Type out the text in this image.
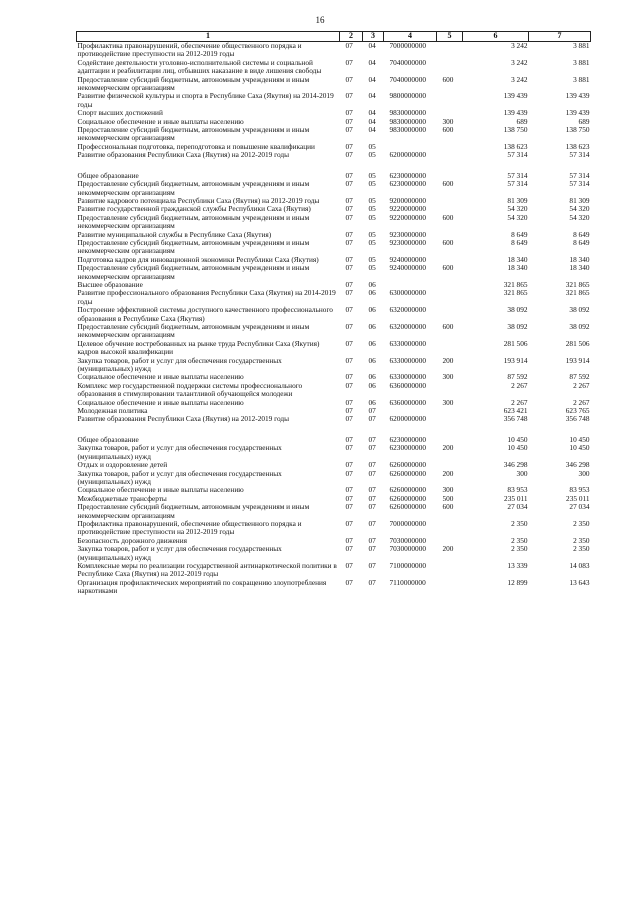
16
1	2	3	4	5	6	7
Профилактика правонарушений, обеспечение общественного порядка и противодействие преступности на 2012-2019 годы	07	04	7000000000		3 242	3 881
Содействие деятельности уголовно-исполнительной системы и социальной адаптации и реабилитации лиц, отбывших наказание в виде лишения свободы	07	04	7040000000		3 242	3 881
Предоставление субсидий бюджетным, автономным учреждениям и иным некоммерческим организациям	07	04	7040000000	600	3 242	3 881
Развитие физической культуры и спорта в Республике Саха (Якутия) на 2014-2019 годы	07	04	9800000000		139 439	139 439
Спорт высших достижений	07	04	9830000000		139 439	139 439
Социальное обеспечение и иные выплаты населению	07	04	9830000000	300	689	689
Предоставление субсидий бюджетным, автономным учреждениям и иным некоммерческим организациям	07	04	9830000000	600	138 750	138 750
Профессиональная подготовка, переподготовка и повышение квалификации	07	05			138 623	138 623
Развитие образования Республики Саха (Якутия) на 2012-2019 годы	07	05	6200000000		57 314	57 314

Общее образование	07	05	6230000000		57 314	57 314
Предоставление субсидий бюджетным, автономным учреждениям и иным некоммерческим организациям	07	05	6230000000	600	57 314	57 314
Развитие кадрового потенциала Республики Саха (Якутия) на 2012-2019 годы	07	05	9200000000		81 309	81 309
Развитие государственной гражданской службы Республики Саха (Якутия)	07	05	9220000000		54 320	54 320
Предоставление субсидий бюджетным, автономным учреждениям и иным некоммерческим организациям	07	05	9220000000	600	54 320	54 320
Развитие муниципальной службы в Республике Саха (Якутия)	07	05	9230000000		8 649	8 649
Предоставление субсидий бюджетным, автономным учреждениям и иным некоммерческим организациям	07	05	9230000000	600	8 649	8 649
Подготовка кадров для инновационной экономики Республики Саха (Якутия)	07	05	9240000000		18 340	18 340
Предоставление субсидий бюджетным, автономным учреждениям и иным некоммерческим организациям	07	05	9240000000	600	18 340	18 340
Высшее образование	07	06			321 865	321 865
Развитие профессионального образования Республики Саха (Якутия) на 2014-2019 годы	07	06	6300000000		321 865	321 865
Построение эффективной системы доступного качественного профессионального образования в Республике Саха (Якутия)	07	06	6320000000		38 092	38 092
Предоставление субсидий бюджетным, автономным учреждениям и иным некоммерческим организациям	07	06	6320000000	600	38 092	38 092
Целевое обучение востребованных на рынке труда Республики Саха (Якутия) кадров высокой квалификации	07	06	6330000000		281 506	281 506
Закупка товаров, работ и услуг для обеспечения государственных (муниципальных) нужд	07	06	6330000000	200	193 914	193 914
Социальное обеспечение и иные выплаты населению	07	06	6330000000	300	87 592	87 592
Комплекс мер государственной поддержки системы профессионального образования в стимулировании талантливой обучающейся молодежи	07	06	6360000000		2 267	2 267
Социальное обеспечение и иные выплаты населению	07	06	6360000000	300	2 267	2 267
Молодежная политика	07	07			623 421	623 765
Развитие образования Республики Саха (Якутия) на 2012-2019 годы	07	07	6200000000		356 748	356 748

Общее образование	07	07	6230000000		10 450	10 450
Закупка товаров, работ и услуг для обеспечения государственных (муниципальных) нужд	07	07	6230000000	200	10 450	10 450
Отдых и оздоровление детей	07	07	6260000000		346 298	346 298
Закупка товаров, работ и услуг для обеспечения государственных (муниципальных) нужд	07	07	6260000000	200	300	300
Социальное обеспечение и иные выплаты населению	07	07	6260000000	300	83 953	83 953
Межбюджетные трансферты	07	07	6260000000	500	235 011	235 011
Предоставление субсидий бюджетным, автономным учреждениям и иным некоммерческим организациям	07	07	6260000000	600	27 034	27 034
Профилактика правонарушений, обеспечение общественного порядка и противодействие преступности на 2012-2019 годы	07	07	7000000000		2 350	2 350
Безопасность дорожного движения	07	07	7030000000		2 350	2 350
Закупка товаров, работ и услуг для обеспечения государственных (муниципальных) нужд	07	07	7030000000	200	2 350	2 350
Комплексные меры по реализации государственной антинаркотической политики в Республике Саха (Якутия) на 2012-2019 годы	07	07	7100000000		13 339	14 083
Организация профилактических мероприятий по сокращению злоупотребления наркотиками	07	07	7110000000		12 899	13 643
